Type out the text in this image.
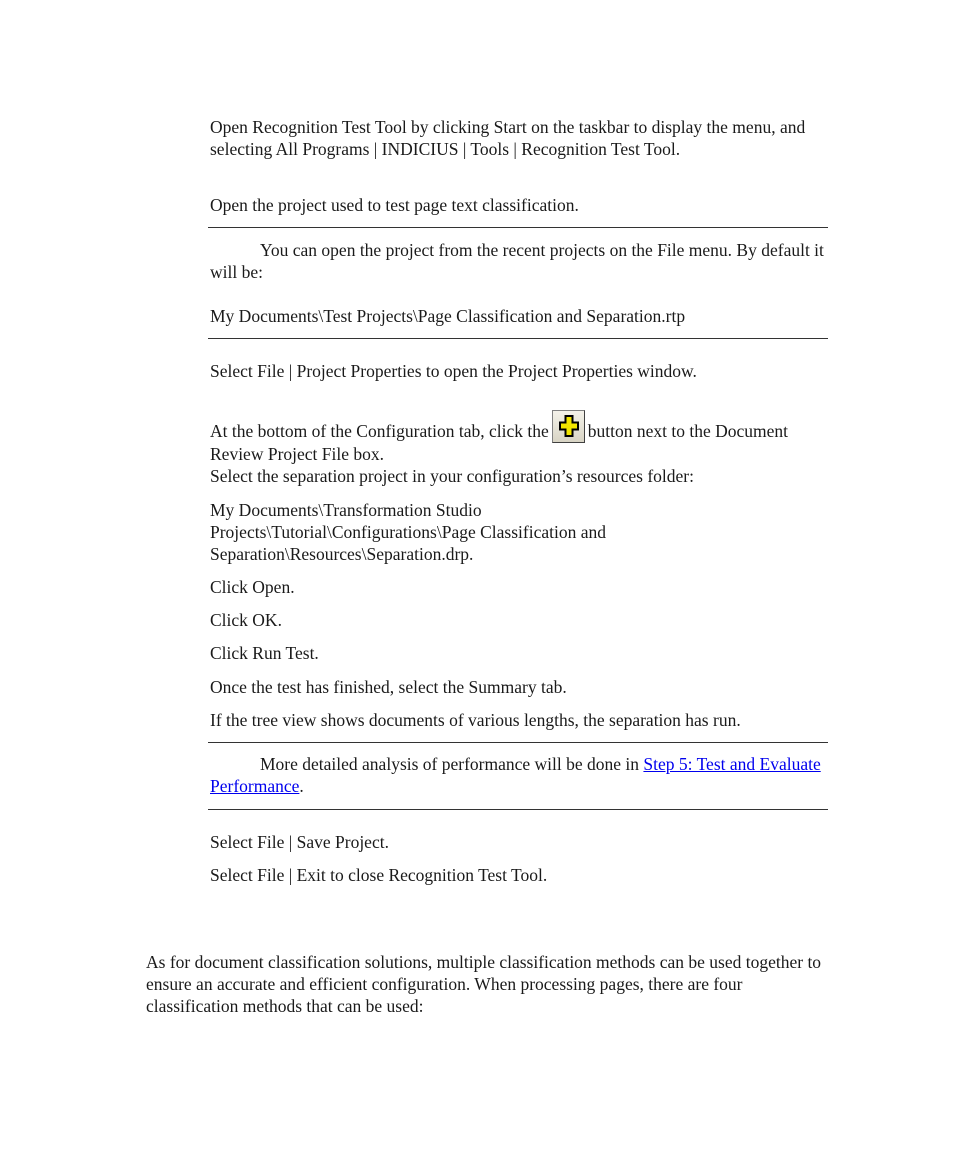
Open Recognition Test Tool by clicking Start on the taskbar to display the menu, and selecting All Programs | INDICIUS | Tools | Recognition Test Tool.

Open the project used to test page text classification.

You can open the project from the recent projects on the File menu. By default it will be:

My Documents\Test Projects\Page Classification and Separation.rtp

Select File | Project Properties to open the Project Properties window.

At the bottom of the Configuration tab, click the button next to the Document Review Project File box.

Select the separation project in your configuration’s resources folder:

My Documents\Transformation Studio Projects\Tutorial\Configurations\Page Classification and Separation\Resources\Separation.drp.

Click Open.

Click OK.

Click Run Test.

Once the test has finished, select the Summary tab.

If the tree view shows documents of various lengths, the separation has run.

More detailed analysis of performance will be done in Step 5: Test and Evaluate Performance.

Select File | Save Project.

Select File | Exit to close Recognition Test Tool.

As for document classification solutions, multiple classification methods can be used together to ensure an accurate and efficient configuration. When processing pages, there are four classification methods that can be used:
